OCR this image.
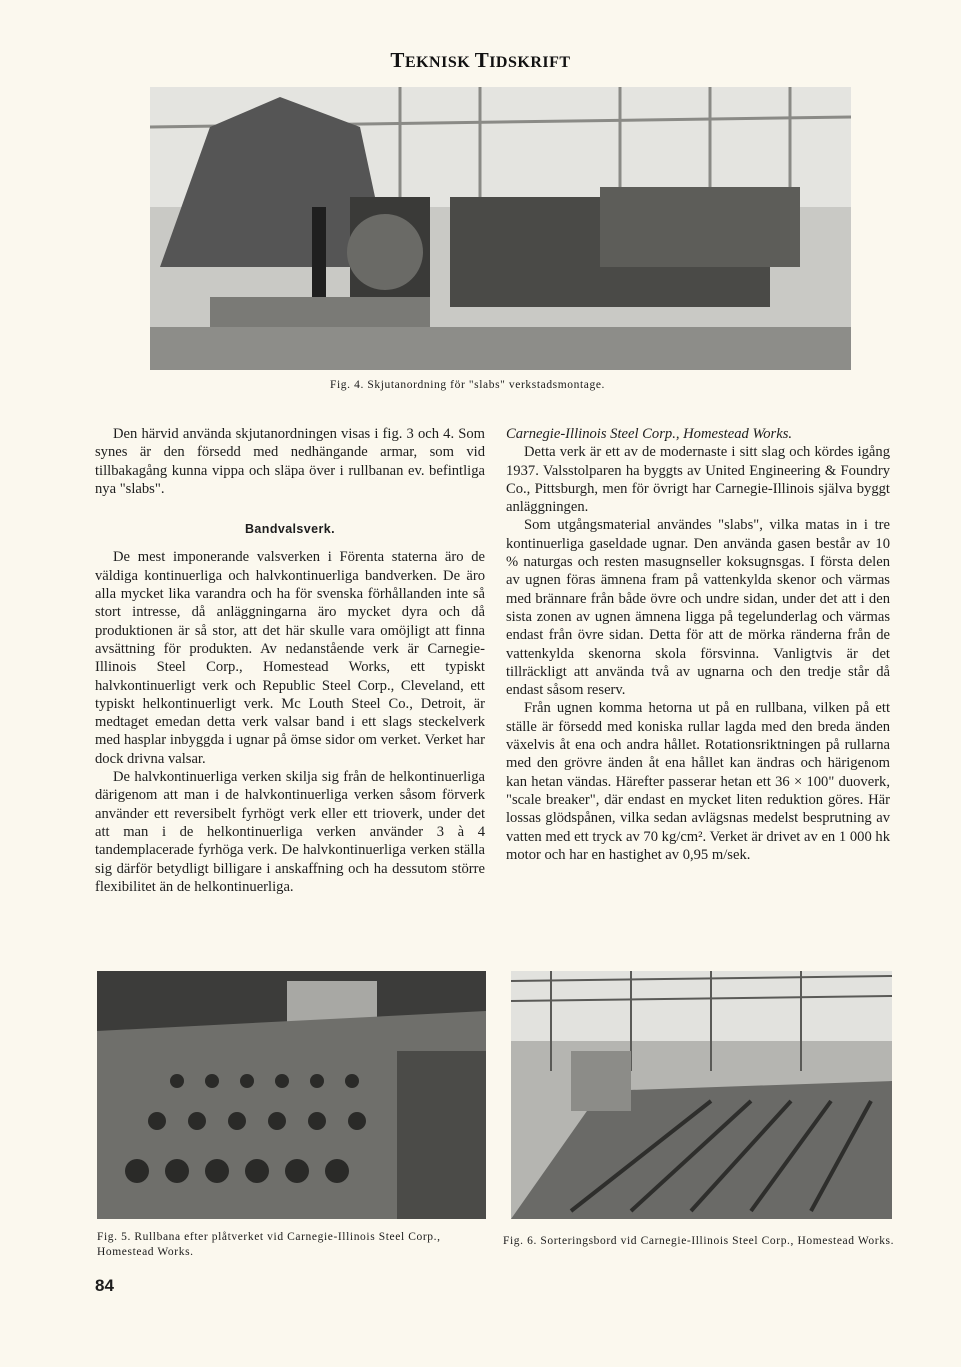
TEKNISK TIDSKRIFT
Fig. 4. Skjutanordning för "slabs" verkstadsmontage.

Den härvid använda skjutanordningen visas i fig. 3 och 4. Som synes är den försedd med nedhängande armar, som vid tillbakagång kunna vippa och släpa över i rullbanan ev. befintliga nya "slabs".

Bandvalsverk.

De mest imponerande valsverken i Förenta staterna äro de väldiga kontinuerliga och halvkontinuerliga bandverken. De äro alla mycket lika varandra och ha för svenska förhållanden inte så stort intresse, då anläggningarna äro mycket dyra och då produktionen är så stor, att det här skulle vara omöjligt att finna avsättning för produkten. Av nedanstående verk är Carnegie-Illinois Steel Corp., Homestead Works, ett typiskt halvkontinuerligt verk och Republic Steel Corp., Cleveland, ett typiskt helkontinuerligt verk. Mc Louth Steel Co., Detroit, är medtaget emedan detta verk valsar band i ett slags steckelverk med hasplar inbyggda i ugnar på ömse sidor om verket. Verket har dock drivna valsar.

De halvkontinuerliga verken skilja sig från de helkontinuerliga därigenom att man i de halvkontinuerliga verken såsom förverk använder ett reversibelt fyrhögt verk eller ett trioverk, under det att man i de helkontinuerliga verken använder 3 à 4 tandemplacerade fyrhöga verk. De halvkontinuerliga verken ställa sig därför betydligt billigare i anskaffning och ha dessutom större flexibilitet än de helkontinuerliga.

Carnegie-Illinois Steel Corp., Homestead Works.

Detta verk är ett av de modernaste i sitt slag och kördes igång 1937. Valsstolparen ha byggts av United Engineering & Foundry Co., Pittsburgh, men för övrigt har Carnegie-Illinois själva byggt anläggningen.

Som utgångsmaterial användes "slabs", vilka matas in i tre kontinuerliga gaseldade ugnar. Den använda gasen består av 10 % naturgas och resten masugnseller koksugnsgas. I första delen av ugnen föras ämnena fram på vattenkylda skenor och värmas med brännare från både övre och undre sidan, under det att i den sista zonen av ugnen ämnena ligga på tegelunderlag och värmas endast från övre sidan. Detta för att de mörka ränderna från de vattenkylda skenorna skola försvinna. Vanligtvis är det tillräckligt att använda två av ugnarna och den tredje står då endast såsom reserv.

Från ugnen komma hetorna ut på en rullbana, vilken på ett ställe är försedd med koniska rullar lagda med den breda änden växelvis åt ena och andra hållet. Rotationsriktningen på rullarna med den grövre änden åt ena hållet kan ändras och härigenom kan hetan vändas. Härefter passerar hetan ett 36 × 100" duoverk, "scale breaker", där endast en mycket liten reduktion göres. Här lossas glödspånen, vilka sedan avlägsnas medelst besprutning av vatten med ett tryck av 70 kg/cm². Verket är drivet av en 1 000 hk motor och har en hastighet av 0,95 m/sek.

Fig. 5. Rullbana efter plåtverket vid Carnegie-Illinois Steel Corp., Homestead Works.
Fig. 6. Sorteringsbord vid Carnegie-Illinois Steel Corp., Homestead Works.
84
